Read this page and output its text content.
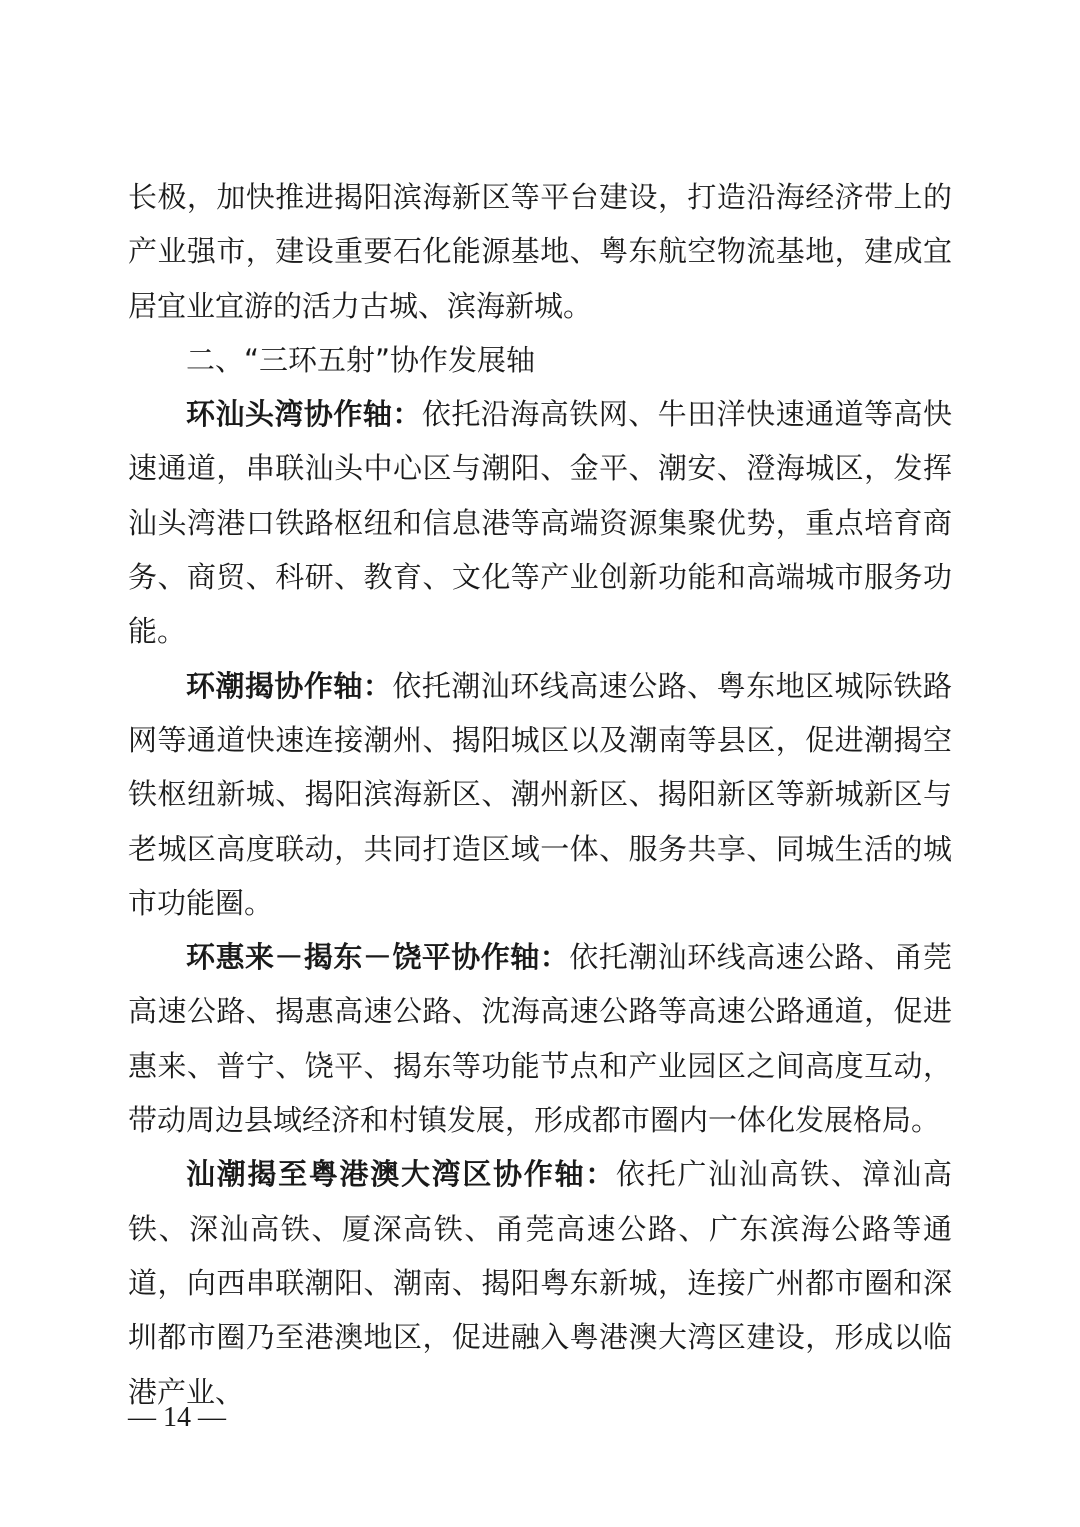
长极，加快推进揭阳滨海新区等平台建设，打造沿海经济带上的产业强市，建设重要石化能源基地、粤东航空物流基地，建成宜居宜业宜游的活力古城、滨海新城。

二、“三环五射”协作发展轴

环汕头湾协作轴：依托沿海高铁网、牛田洋快速通道等高快速通道，串联汕头中心区与潮阳、金平、潮安、澄海城区，发挥汕头湾港口铁路枢纽和信息港等高端资源集聚优势，重点培育商务、商贸、科研、教育、文化等产业创新功能和高端城市服务功能。

环潮揭协作轴：依托潮汕环线高速公路、粤东地区城际铁路网等通道快速连接潮州、揭阳城区以及潮南等县区，促进潮揭空铁枢纽新城、揭阳滨海新区、潮州新区、揭阳新区等新城新区与老城区高度联动，共同打造区域一体、服务共享、同城生活的城市功能圈。

环惠来－揭东－饶平协作轴：依托潮汕环线高速公路、甬莞高速公路、揭惠高速公路、沈海高速公路等高速公路通道，促进惠来、普宁、饶平、揭东等功能节点和产业园区之间高度互动，带动周边县域经济和村镇发展，形成都市圈内一体化发展格局。

汕潮揭至粤港澳大湾区协作轴：依托广汕汕高铁、漳汕高铁、深汕高铁、厦深高铁、甬莞高速公路、广东滨海公路等通道，向西串联潮阳、潮南、揭阳粤东新城，连接广州都市圈和深圳都市圈乃至港澳地区，促进融入粤港澳大湾区建设，形成以临港产业、

— 14 —
